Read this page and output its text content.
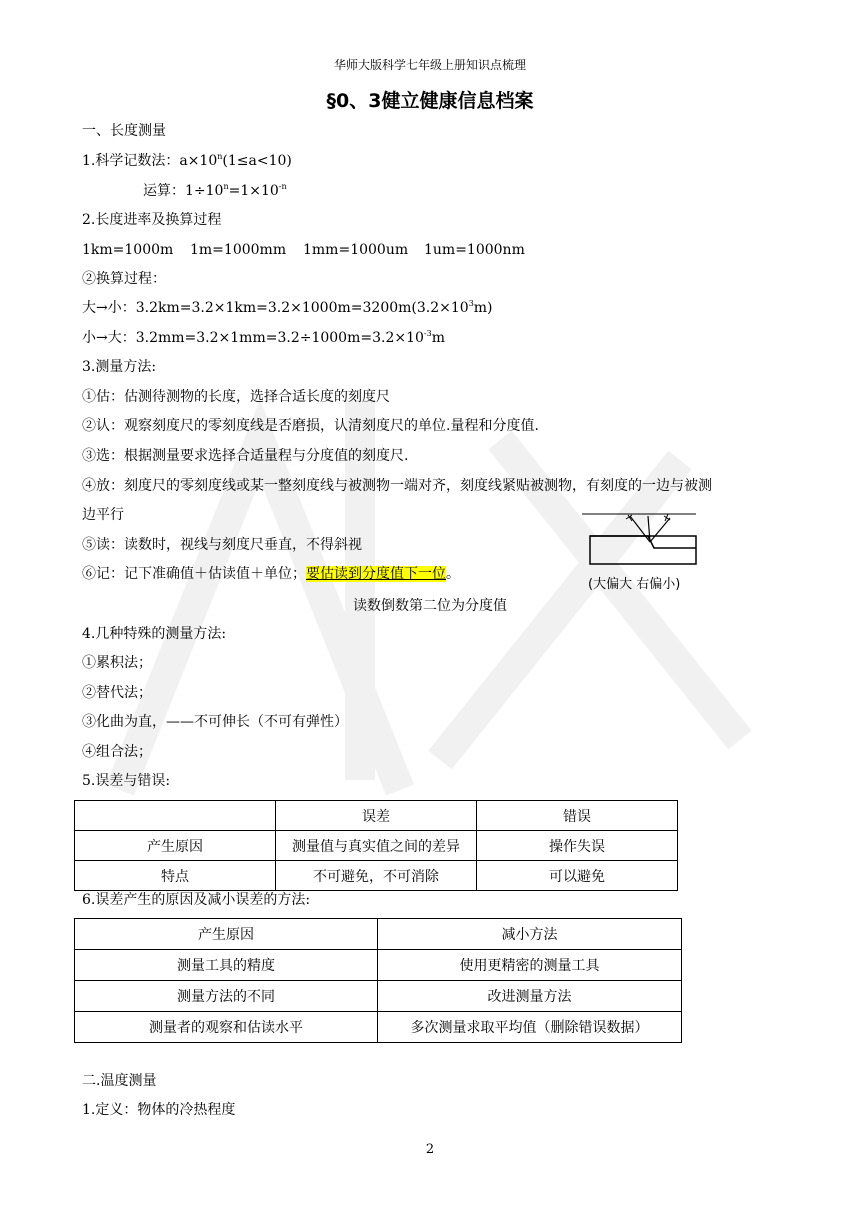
华师大版科学七年级上册知识点梳理
§0、3健立健康信息档案
一、长度测量
1.科学记数法：$a\times 10^n(1\le a<10)$
运算：$1\div 10^n=1\times 10^{-n}$
2.长度进率及换算过程
1km=1000m 1m=1000mm 1mm=1000um 1um=1000nm
②换算过程：
大→小：$3.2km=3.2\times 1km=3.2\times 1000m=3200m(3.2\times 10^3m)$
小→大：$3.2mm=3.2\times 1mm=3.2\div 1000m=3.2\times 10^{-3}m$
3.测量方法:
①估：估测待测物的长度，选择合适长度的刻度尺
②认：观察刻度尺的零刻度线是否磨损，认清刻度尺的单位.量程和分度值.
③选：根据测量要求选择合适量程与分度值的刻度尺.
④放：刻度尺的零刻度线或某一整刻度线与被测物一端对齐，刻度线紧贴被测物，有刻度的一边与被测
边平行
⑤读：读数时，视线与刻度尺垂直，不得斜视
⑥记：记下准确值＋估读值＋单位；要估读到分度值下一位。
读数倒数第二位为分度值
(大偏大 右偏小)
4.几种特殊的测量方法:
①累积法；
②替代法；
③化曲为直，——不可伸长（不可有弹性）
④组合法；
5.误差与错误:
	误差	错误
产生原因	测量值与真实值之间的差异	操作失误
特点	不可避免，不可消除	可以避免
6.误差产生的原因及减小误差的方法:
产生原因	减小方法
测量工具的精度	使用更精密的测量工具
测量方法的不同	改进测量方法
测量者的观察和估读水平	多次测量求取平均值（删除错误数据）
二.温度测量
1.定义：物体的冷热程度
2
